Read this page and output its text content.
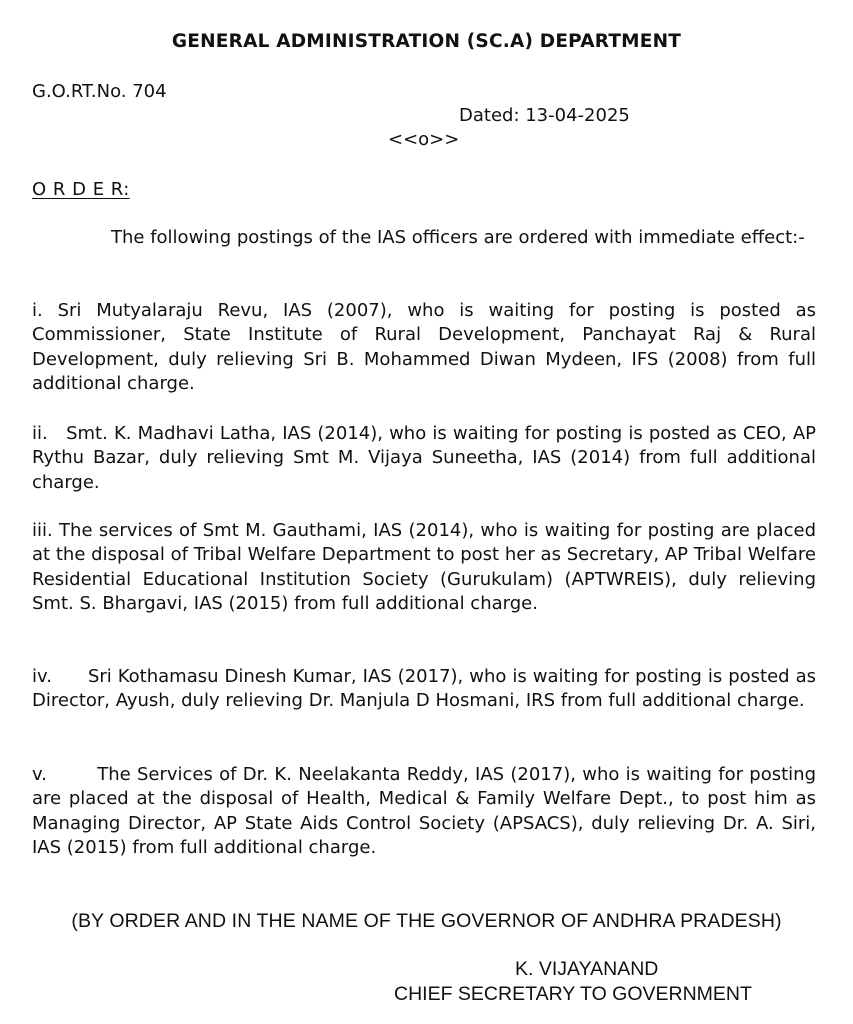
GENERAL ADMINISTRATION (SC.A) DEPARTMENT
G.O.RT.No. 704
Dated: 13-04-2025
<<o>>
O R D E R:
The following postings of the IAS officers are ordered with immediate effect:-
i. Sri Mutyalaraju Revu, IAS (2007), who is waiting for posting is posted as Commissioner, State Institute of Rural Development, Panchayat Raj & Rural Development, duly relieving Sri B. Mohammed Diwan Mydeen, IFS (2008) from full additional charge.
ii.   Smt. K. Madhavi Latha, IAS (2014), who is waiting for posting is posted as CEO, AP Rythu Bazar, duly relieving Smt M. Vijaya Suneetha, IAS (2014) from full additional charge.
iii. The services of Smt M. Gauthami, IAS (2014), who is waiting for posting are placed at the disposal of Tribal Welfare Department to post her as Secretary, AP Tribal Welfare Residential Educational Institution Society (Gurukulam) (APTWREIS), duly relieving Smt. S. Bhargavi, IAS (2015) from full additional charge.
iv.      Sri Kothamasu Dinesh Kumar, IAS (2017), who is waiting for posting is posted as Director, Ayush, duly relieving Dr. Manjula D Hosmani, IRS from full additional charge.
v.        The Services of Dr. K. Neelakanta Reddy, IAS (2017), who is waiting for posting are placed at the disposal of Health, Medical & Family Welfare Dept., to post him as Managing Director, AP State Aids Control Society (APSACS), duly relieving Dr. A. Siri, IAS (2015) from full additional charge.
(BY ORDER AND IN THE NAME OF THE GOVERNOR OF ANDHRA PRADESH)
K. VIJAYANAND
CHIEF SECRETARY TO GOVERNMENT
